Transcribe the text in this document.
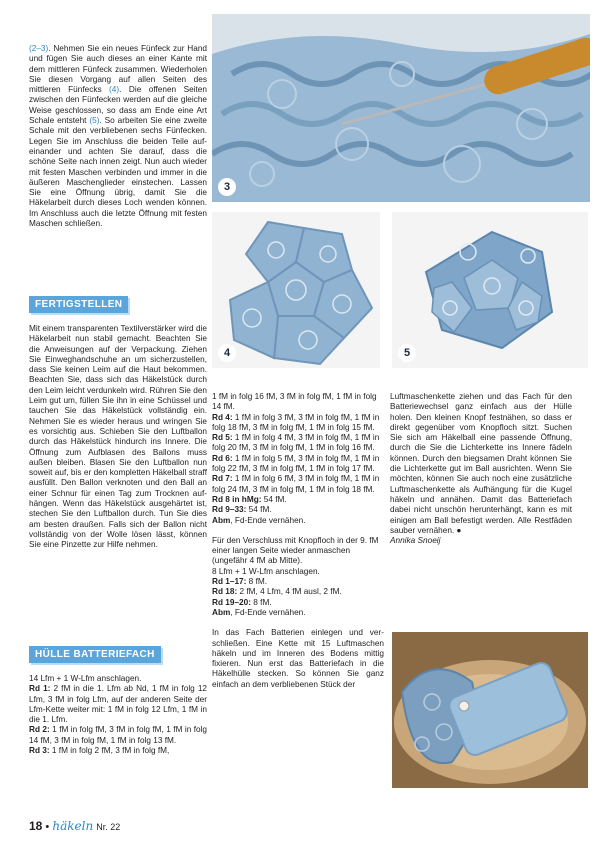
(2–3). Nehmen Sie ein neues Fünfeck zur Hand und fügen Sie auch dieses an einer Kante mit dem mittleren Fünfeck zusammen. Wiederholen Sie diesen Vorgang auf allen Seiten des mittleren Fünfecks (4). Die offenen Seiten zwischen den Fünfecken werden auf die gleiche Weise geschlossen, so dass am Ende eine Art Schale entsteht (5). So arbeiten Sie eine zweite Schale mit den verbliebenen sechs Fünfecken. Legen Sie im Anschluss die beiden Teile aufeinander und achten Sie darauf, dass die schöne Seite nach innen zeigt. Nun auch wieder mit festen Maschen verbinden und immer in die äußeren Maschenglieder einstechen. Lassen Sie eine Öffnung übrig, damit Sie die Häkelarbeit durch dieses Loch wenden können. Im Anschluss auch die letzte Öffnung mit festen Maschen schließen.

FERTIGSTELLEN

Mit einem transparenten Textilverstärker wird die Häkelarbeit nun stabil gemacht. Beachten Sie die Anweisungen auf der Verpackung. Ziehen Sie Einweghandschuhe an um sicherzustellen, dass Sie keinen Leim auf die Haut bekommen. Beachten Sie, dass sich das Häkelstück durch den Leim leicht verdunkeln wird. Rühren Sie den Leim gut um, füllen Sie ihn in eine Schüssel und tauchen Sie das Häkelstück vollständig ein. Nehmen Sie es wieder heraus und wringen Sie es vorsichtig aus. Schieben Sie den Luftballon durch das Häkelstück hindurch ins Innere. Die Öffnung zum Aufblasen des Ballons muss außen bleiben. Blasen Sie den Luftballon nun soweit auf, bis er den kompletten Häkelball straff ausfüllt. Den Ballon verknoten und den Ball an einer Schnur für einen Tag zum Trocknen aufhängen. Wenn das Häkelstück ausgehärtet ist, stechen Sie den Luftballon durch. Tun Sie dies am besten draußen. Falls sich der Ballon nicht vollständig von der Wolle lösen lässt, können Sie eine Pinzette zur Hilfe nehmen.

HÜLLE BATTERIEFACH

14 Lfm + 1 W-Lfm anschlagen.

Rd 1: 2 fM in die 1. Lfm ab Nd, 1 fM in folg 12 Lfm, 3 fM in folg Lfm, auf der anderen Seite der Lfm-Kette weiter mit: 1 fM in folg 12 Lfm, 1 fM in die 1. Lfm.

Rd 2: 1 fM in folg fM, 3 fM in folg fM, 1 fM in folg 14 fM, 3 fM in folg fM, 1 fM in folg 13 fM.

Rd 3: 1 fM in folg 2 fM, 3 fM in folg fM,

3
4	5

1 fM in folg 16 fM, 3 fM in folg fM, 1 fM in folg 14 fM.

Rd 4: 1 fM in folg 3 fM, 3 fM in folg fM, 1 fM in folg 18 fM, 3 fM in folg fM, 1 fM in folg 15 fM.

Rd 5: 1 fM in folg 4 fM, 3 fM in folg fM, 1 fM in folg 20 fM, 3 fM in folg fM, 1 fM in folg 16 fM.

Rd 6: 1 fM in folg 5 fM, 3 fM in folg fM, 1 fM in folg 22 fM, 3 fM in folg fM, 1 fM in folg 17 fM.

Rd 7: 1 fM in folg 6 fM, 3 fM in folg fM, 1 fM in folg 24 fM, 3 fM in folg fM, 1 fM in folg 18 fM.

Rd 8 in hMg: 54 fM.

Rd 9–33: 54 fM.

Abm, Fd-Ende vernähen.

Für den Verschluss mit Knopfloch in der 9. fM einer langen Seite wieder anmaschen (ungefähr 4 fM ab Mitte).

8 Lfm + 1 W-Lfm anschlagen.

Rd 1–17: 8 fM.

Rd 18: 2 fM, 4 Lfm, 4 fM ausl, 2 fM.

Rd 19–20: 8 fM.

Abm, Fd-Ende vernähen.

In das Fach Batterien einlegen und verschließen. Eine Kette mit 15 Luftmaschen häkeln und im Inneren des Bodens mittig fixieren. Nun erst das Batteriefach in die Häkelhülle stecken. So können Sie ganz einfach an dem verbliebenen Stück der

Luftmaschenkette ziehen und das Fach für den Batteriewechsel ganz einfach aus der Hülle holen. Den kleinen Knopf festnähen, so dass er direkt gegenüber vom Knopfloch sitzt. Suchen Sie sich am Häkelball eine passende Öffnung, durch die Sie die Lichterkette ins Innere fädeln können. Durch den biegsamen Draht können Sie die Lichterkette gut im Ball ausrichten. Wenn Sie möchten, können Sie auch noch eine zusätzliche Luftmaschenkette als Aufhängung für die Kugel häkeln und annähen. Damit das Batteriefach dabei nicht unschön herunterhängt, kann es mit einigen am Ball befestigt werden. Alle Restfäden sauber vernähen. ●

Annika Snoeij

18 • häkeln Nr. 22
